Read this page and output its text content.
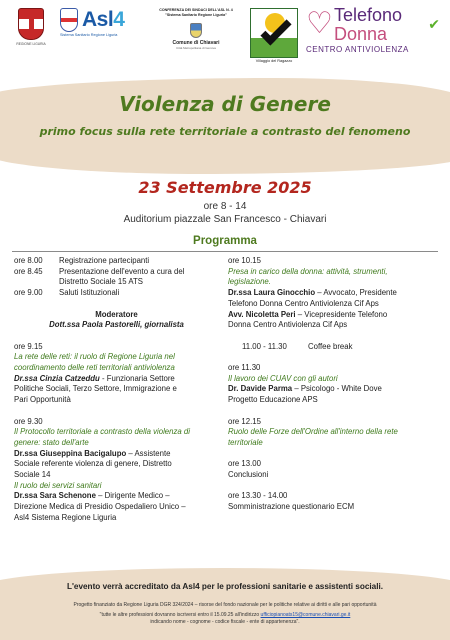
REGIONE LIGURIA
Asl4
Sistema Sanitario Regione Liguria
CONFERENZA DEI SINDACI DELL'ASL N. 4
"Sistema Sanitario Regione Liguria"
Comune di Chiavari
Città Metropolitana di Genova
Villaggio del Ragazzo
♡ Telefono
Donna	✔
CENTRO ANTIVIOLENZA
Violenza di Genere
primo focus sulla rete territoriale a contrasto del fenomeno
23 Settembre 2025
ore 8 - 14
Auditorium piazzale San Francesco - Chiavari
Programma
ore 8.00	Registrazione partecipanti
ore 8.45	Presentazione dell'evento a cura del
Distretto Sociale 15 ATS
ore 9.00	Saluti Istituzionali
Moderatore
Dott.ssa Paola Pastorelli, giornalista
ore 9.15
La rete delle reti: il ruolo di Regione Liguria nel
coordinamento delle reti territoriali antiviolenza
Dr.ssa Cinzia Catzeddu - Funzionaria Settore
Politiche Sociali, Terzo Settore, Immigrazione e
Pari Opportunità
ore 9.30
Il Protocollo territoriale a contrasto della violenza di
genere: stato dell'arte
Dr.ssa Giuseppina Bacigalupo – Assistente
Sociale referente violenza di genere, Distretto
Sociale 14
Il ruolo dei servizi sanitari
Dr.ssa Sara Schenone – Dirigente Medico –
Direzione Medica di Presidio Ospedaliero Unico –
Asl4 Sistema Regione Liguria
ore 10.15
Presa in carico della donna: attività, strumenti,
legislazione.
Dr.ssa Laura Ginocchio – Avvocato, Presidente
Telefono Donna Centro Antiviolenza Cif Aps
Avv. Nicoletta Peri – Vicepresidente Telefono
Donna Centro Antiviolenza Cif Aps
11.00 - 11.30	Coffee break
ore 11.30
Il lavoro dei CUAV con gli autori
Dr. Davide Parma – Psicologo - White Dove
Progetto Educazione APS
ore 12.15
Ruolo delle Forze dell'Ordine all'interno della rete
territoriale
ore 13.00
Conclusioni
ore 13.30 - 14.00
Somministrazione questionario ECM
L'evento verrà accreditato da Asl4 per le professioni sanitarie e assistenti sociali.
Progetto finanziato da Regione Liguria DGR 324/2024 – risorse del fondo nazionale per le politiche relative ai diritti e alle pari opportunità
"tutte le altre professioni dovranno iscriversi entro il 15.09.25 all'indirizzo ufficiopianoats15@comune.chiavari.ge.it
indicando nome - cognome - codice fiscale - ente di appartenenza".
